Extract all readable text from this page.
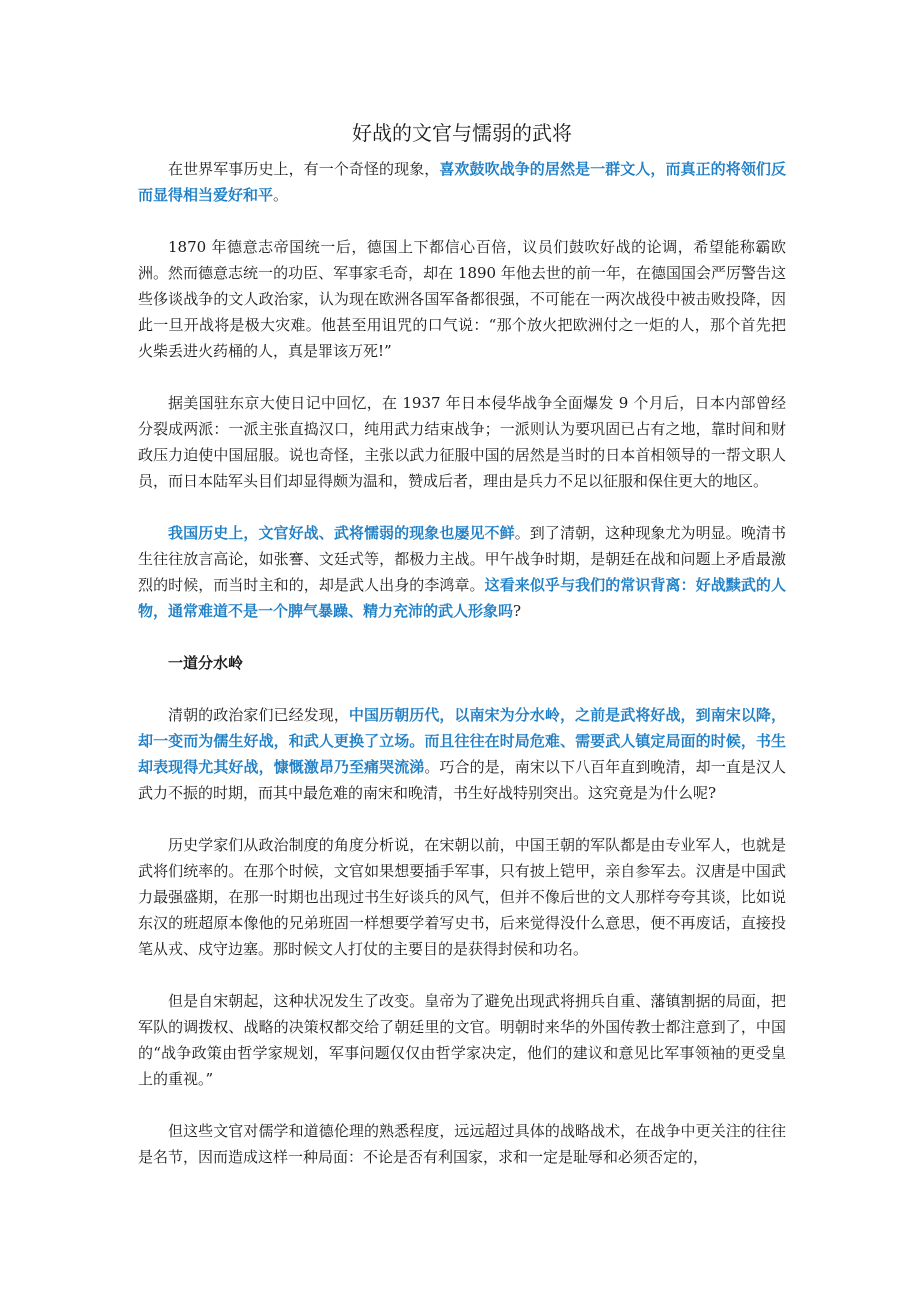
好战的文官与懦弱的武将

在世界军事历史上，有一个奇怪的现象，喜欢鼓吹战争的居然是一群文人，而真正的将领们反而显得相当爱好和平。

1870 年德意志帝国统一后，德国上下都信心百倍，议员们鼓吹好战的论调，希望能称霸欧洲。然而德意志统一的功臣、军事家毛奇，却在 1890 年他去世的前一年，在德国国会严厉警告这些侈谈战争的文人政治家，认为现在欧洲各国军备都很强，不可能在一两次战役中被击败投降，因此一旦开战将是极大灾难。他甚至用诅咒的口气说：“那个放火把欧洲付之一炬的人，那个首先把火柴丢进火药桶的人，真是罪该万死!”

据美国驻东京大使日记中回忆，在 1937 年日本侵华战争全面爆发 9 个月后，日本内部曾经分裂成两派：一派主张直捣汉口，纯用武力结束战争；一派则认为要巩固已占有之地，靠时间和财政压力迫使中国屈服。说也奇怪，主张以武力征服中国的居然是当时的日本首相领导的一帮文职人员，而日本陆军头目们却显得颇为温和，赞成后者，理由是兵力不足以征服和保住更大的地区。

我国历史上，文官好战、武将懦弱的现象也屡见不鲜。到了清朝，这种现象尤为明显。晚清书生往往放言高论，如张謇、文廷式等，都极力主战。甲午战争时期，是朝廷在战和问题上矛盾最激烈的时候，而当时主和的，却是武人出身的李鸿章。这看来似乎与我们的常识背离：好战黩武的人物，通常难道不是一个脾气暴躁、精力充沛的武人形象吗?

一道分水岭

清朝的政治家们已经发现，中国历朝历代，以南宋为分水岭，之前是武将好战，到南宋以降，却一变而为儒生好战，和武人更换了立场。而且往往在时局危难、需要武人镇定局面的时候，书生却表现得尤其好战，慷慨激昂乃至痛哭流涕。巧合的是，南宋以下八百年直到晚清，却一直是汉人武力不振的时期，而其中最危难的南宋和晚清，书生好战特别突出。这究竟是为什么呢?

历史学家们从政治制度的角度分析说，在宋朝以前，中国王朝的军队都是由专业军人，也就是武将们统率的。在那个时候，文官如果想要插手军事，只有披上铠甲，亲自参军去。汉唐是中国武力最强盛期，在那一时期也出现过书生好谈兵的风气，但并不像后世的文人那样夸夸其谈，比如说东汉的班超原本像他的兄弟班固一样想要学着写史书，后来觉得没什么意思，便不再废话，直接投笔从戎、戍守边塞。那时候文人打仗的主要目的是获得封侯和功名。

但是自宋朝起，这种状况发生了改变。皇帝为了避免出现武将拥兵自重、藩镇割据的局面，把军队的调拨权、战略的决策权都交给了朝廷里的文官。明朝时来华的外国传教士都注意到了，中国的“战争政策由哲学家规划，军事问题仅仅由哲学家决定，他们的建议和意见比军事领袖的更受皇上的重视。”

但这些文官对儒学和道德伦理的熟悉程度，远远超过具体的战略战术，在战争中更关注的往往是名节，因而造成这样一种局面：不论是否有利国家，求和一定是耻辱和必须否定的，
